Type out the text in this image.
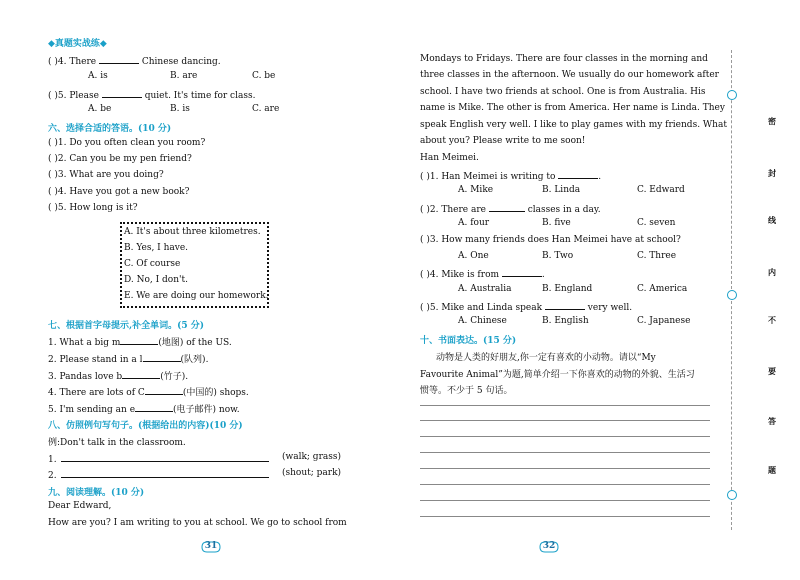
◆真题实战练◆
( )4. There	Chinese dancing.
A. is	B. are	C. be
( )5. Please	quiet. It's time for class.
A. be	B. is	C. are
六、选择合适的答语。(10 分)
( )1. Do you often clean you room?
( )2. Can you be my pen friend?
( )3. What are you doing?
( )4. Have you got a new book?
( )5. How long is it?
A. It's about three kilometres.
B. Yes, I have.
C. Of course
D. No, I don't.
E. We are doing our homework.
七、根据首字母提示,补全单词。(5 分)
1. What a big m	(地图) of the US.
2. Please stand in a l	(队列).
3. Pandas love b	(竹子).
4. There are lots of C	(中国的) shops.
5. I'm sending an e	(电子邮件) now.
八、仿照例句写句子。(根据给出的内容)(10 分)
例:Don't talk in the classroom.
1.	(walk; grass)
2.	(shout; park)
九、阅读理解。(10 分)
Dear Edward,
How are you? I am writing to you at school. We go to school from
31
Mondays to Fridays. There are four classes in the morning and
three classes in the afternoon. We usually do our homework after
school. I have two friends at school. One is from Australia. His
name is Mike. The other is from America. Her name is Linda. They
speak English very well. I like to play games with my friends. What
about you? Please write to me soon!
Han Meimei.
( )1. Han Meimei is writing to	.
A. Mike	B. Linda	C. Edward
( )2. There are	classes in a day.
A. four	B. five	C. seven
( )3. How many friends does Han Meimei have at school?
A. One	B. Two	C. Three
( )4. Mike is from	.
A. Australia	B. England	C. America
( )5. Mike and Linda speak	very well.
A. Chinese	B. English	C. Japanese
十、书面表达。(15 分)
动物是人类的好朋友,你一定有喜欢的小动物。请以“My
Favourite Animal”为题,简单介绍一下你喜欢的动物的外貌、生活习
惯等。不少于 5 句话。
32
密
封
线
内
不
要
答
题
